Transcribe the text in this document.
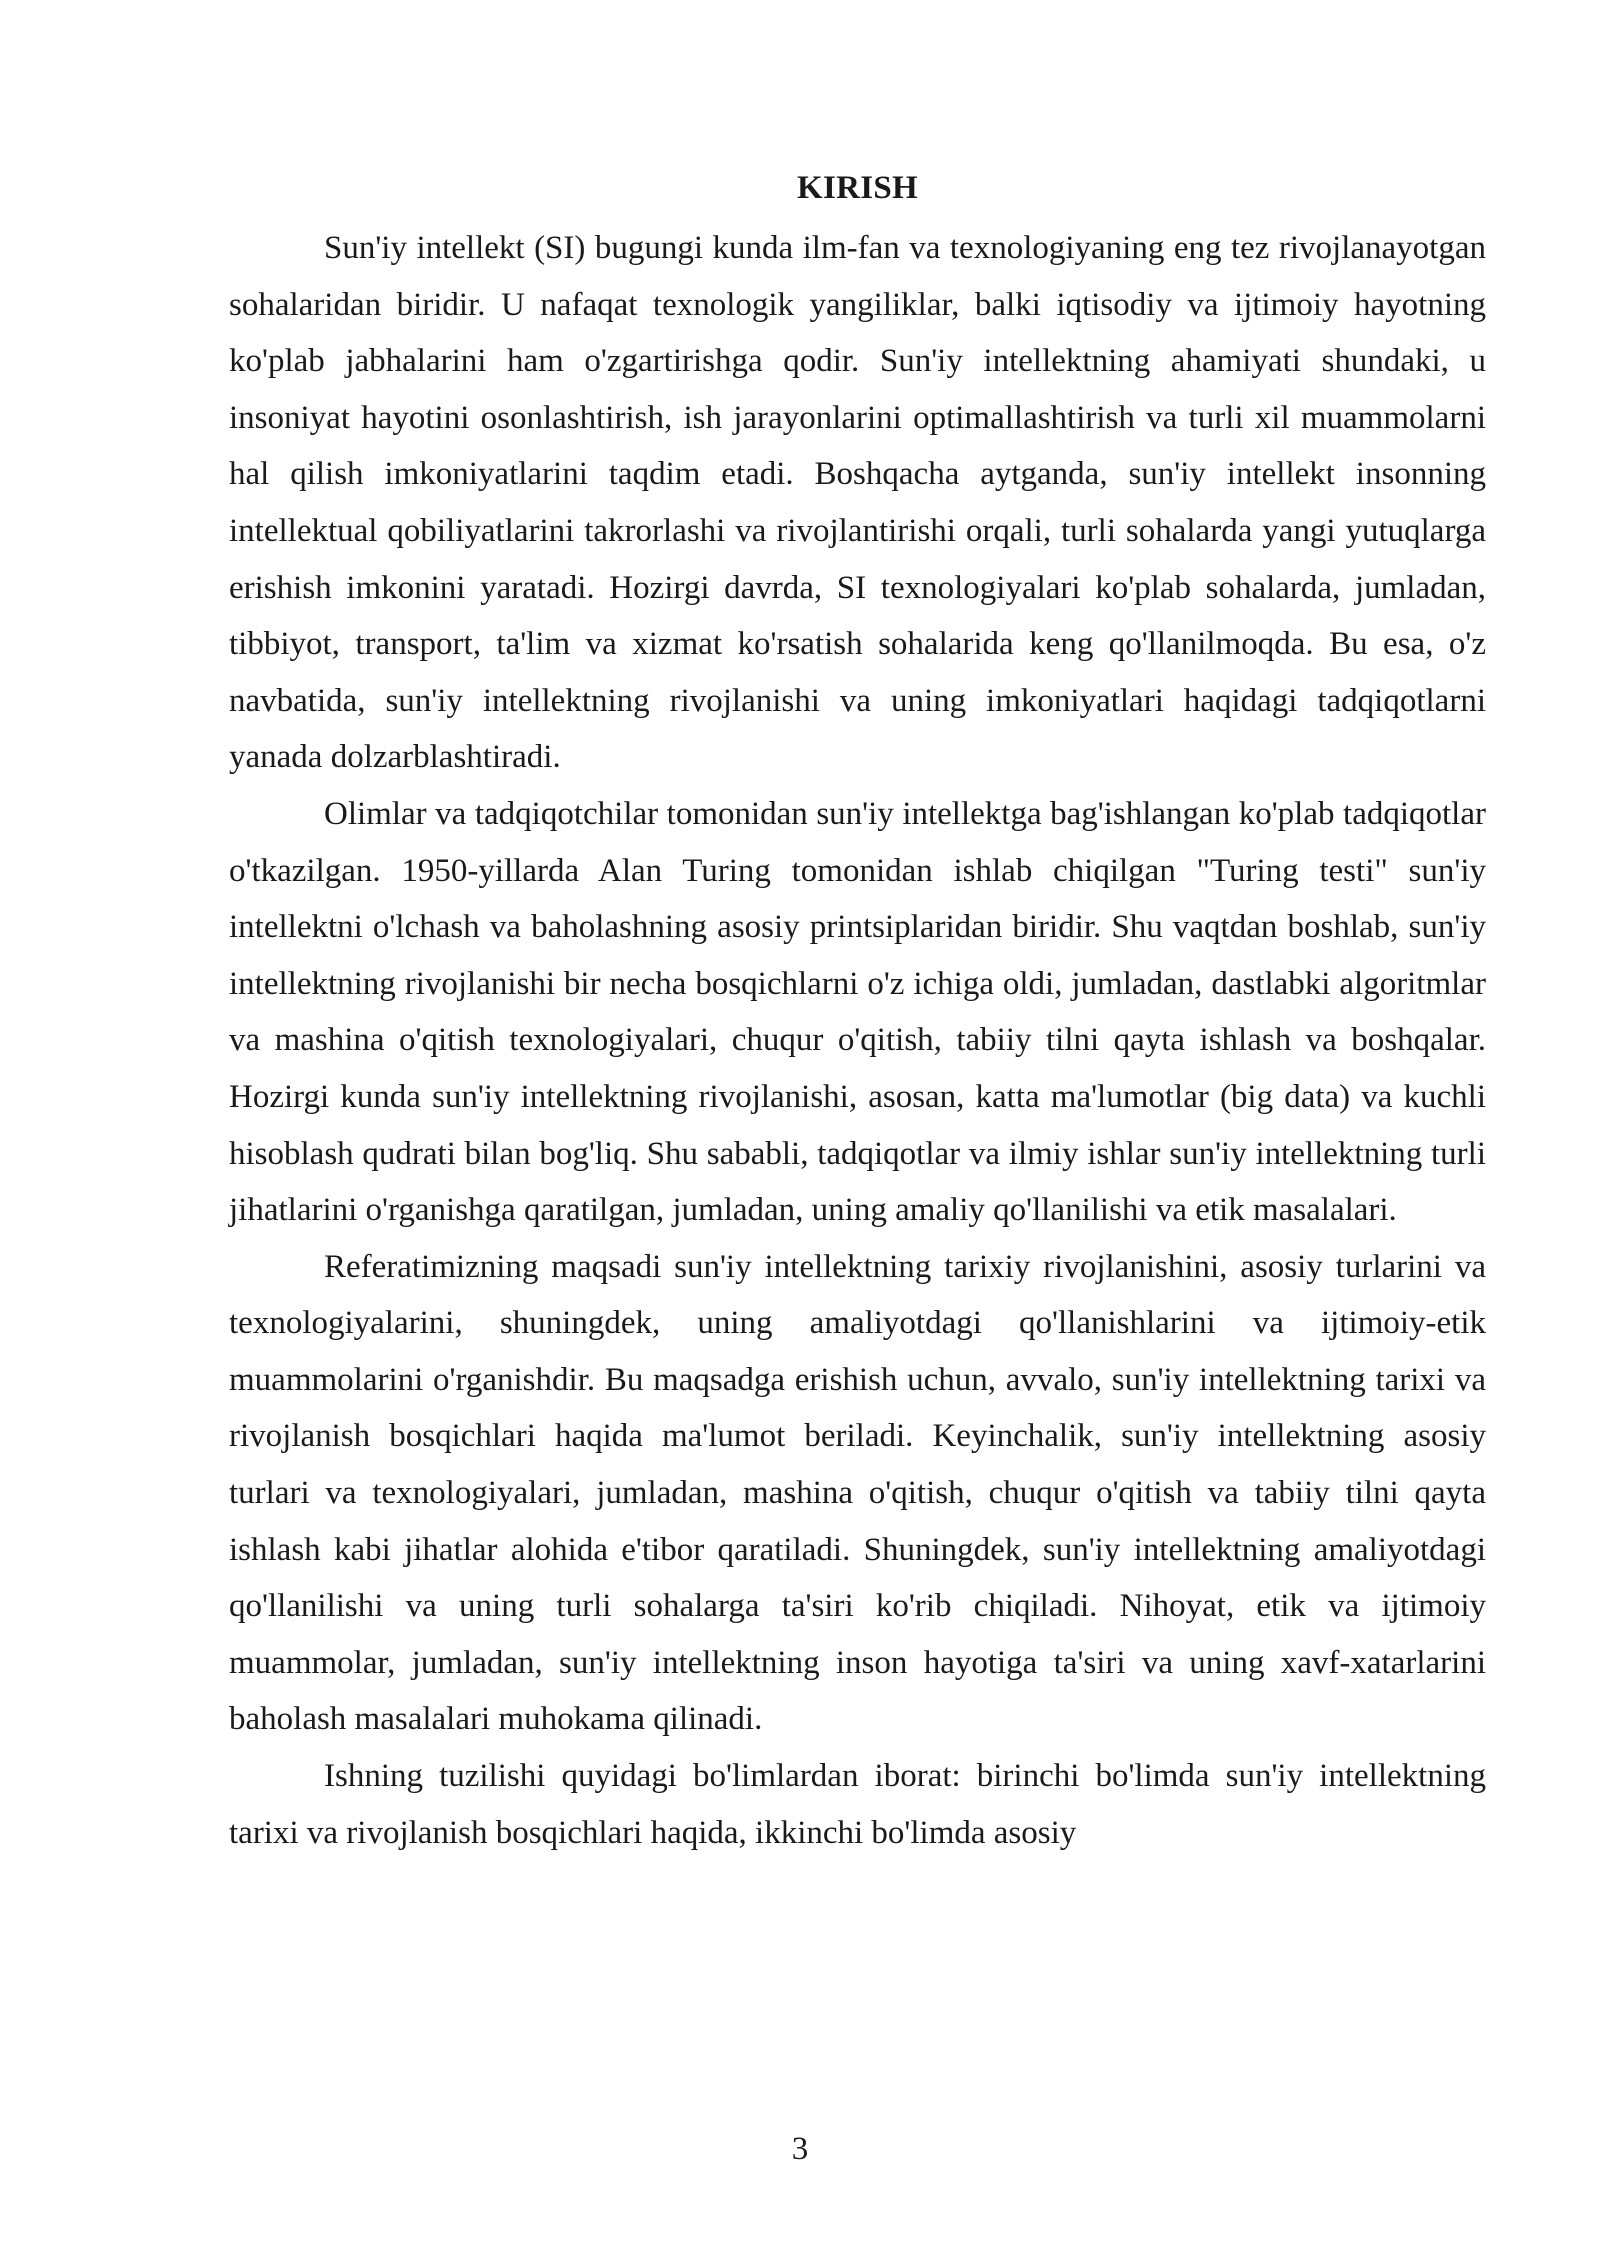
KIRISH

Sun'iy intellekt (SI) bugungi kunda ilm-fan va texnologiyaning eng tez rivojlanayotgan sohalaridan biridir. U nafaqat texnologik yangiliklar, balki iqtisodiy va ijtimoiy hayotning ko'plab jabhalarini ham o'zgartirishga qodir. Sun'iy intellektning ahamiyati shundaki, u insoniyat hayotini osonlashtirish, ish jarayonlarini optimallashtirish va turli xil muammolarni hal qilish imkoniyatlarini taqdim etadi. Boshqacha aytganda, sun'iy intellekt insonning intellektual qobiliyatlarini takrorlashi va rivojlantirishi orqali, turli sohalarda yangi yutuqlarga erishish imkonini yaratadi. Hozirgi davrda, SI texnologiyalari ko'plab sohalarda, jumladan, tibbiyot, transport, ta'lim va xizmat ko'rsatish sohalarida keng qo'llanilmoqda. Bu esa, o'z navbatida, sun'iy intellektning rivojlanishi va uning imkoniyatlari haqidagi tadqiqotlarni yanada dolzarblashtiradi.

Olimlar va tadqiqotchilar tomonidan sun'iy intellektga bag'ishlangan ko'plab tadqiqotlar o'tkazilgan. 1950-yillarda Alan Turing tomonidan ishlab chiqilgan "Turing testi" sun'iy intellektni o'lchash va baholashning asosiy printsiplaridan biridir. Shu vaqtdan boshlab, sun'iy intellektning rivojlanishi bir necha bosqichlarni o'z ichiga oldi, jumladan, dastlabki algoritmlar va mashina o'qitish texnologiyalari, chuqur o'qitish, tabiiy tilni qayta ishlash va boshqalar. Hozirgi kunda sun'iy intellektning rivojlanishi, asosan, katta ma'lumotlar (big data) va kuchli hisoblash qudrati bilan bog'liq. Shu sababli, tadqiqotlar va ilmiy ishlar sun'iy intellektning turli jihatlarini o'rganishga qaratilgan, jumladan, uning amaliy qo'llanilishi va etik masalalari.

Referatimizning maqsadi sun'iy intellektning tarixiy rivojlanishini, asosiy turlarini va texnologiyalarini, shuningdek, uning amaliyotdagi qo'llanishlarini va ijtimoiy-etik muammolarini o'rganishdir. Bu maqsadga erishish uchun, avvalo, sun'iy intellektning tarixi va rivojlanish bosqichlari haqida ma'lumot beriladi. Keyinchalik, sun'iy intellektning asosiy turlari va texnologiyalari, jumladan, mashina o'qitish, chuqur o'qitish va tabiiy tilni qayta ishlash kabi jihatlar alohida e'tibor qaratiladi. Shuningdek, sun'iy intellektning amaliyotdagi qo'llanilishi va uning turli sohalarga ta'siri ko'rib chiqiladi. Nihoyat, etik va ijtimoiy muammolar, jumladan, sun'iy intellektning inson hayotiga ta'siri va uning xavf-xatarlarini baholash masalalari muhokama qilinadi.

Ishning tuzilishi quyidagi bo'limlardan iborat: birinchi bo'limda sun'iy intellektning tarixi va rivojlanish bosqichlari haqida, ikkinchi bo'limda asosiy

3
